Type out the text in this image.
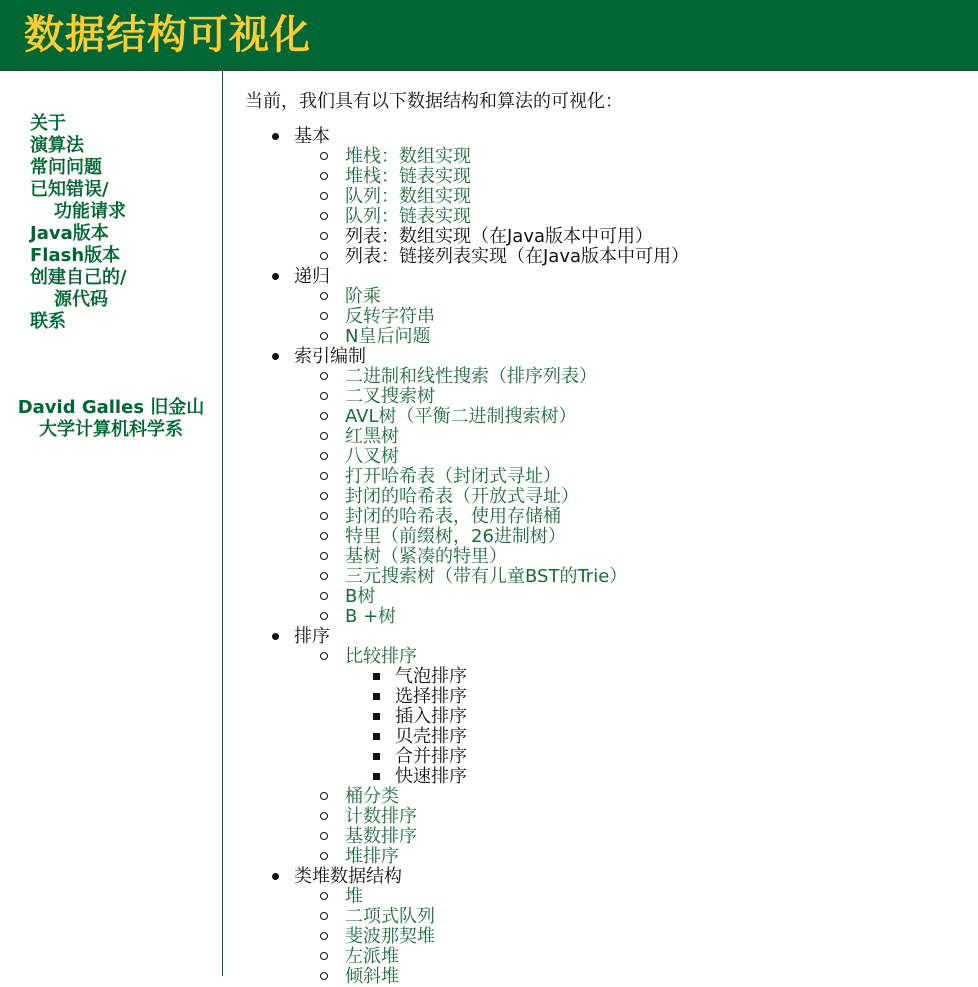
数据结构可视化
关于
演算法
常问问题
已知错误/
功能请求
Java版本
Flash版本
创建自己的/
源代码
联系
David Galles 旧金山大学计算机科学系

当前，我们具有以下数据结构和算法的可视化：

基本
堆栈：数组实现
堆栈：链表实现
队列：数组实现
队列：链表实现
列表：数组实现（在Java版本中可用）
列表：链接列表实现（在Java版本中可用）
递归
阶乘
反转字符串
N皇后问题
索引编制
二进制和线性搜索（排序列表）
二叉搜索树
AVL树（平衡二进制搜索树）
红黑树
八叉树
打开哈希表（封闭式寻址）
封闭的哈希表（开放式寻址）
封闭的哈希表，使用存储桶
特里（前缀树，26进制树）
基树（紧凑的特里）
三元搜索树（带有儿童BST的Trie）
B树
B +树
排序
比较排序
气泡排序
选择排序
插入排序
贝壳排序
合并排序
快速排序
桶分类
计数排序
基数排序
堆排序
类堆数据结构
堆
二项式队列
斐波那契堆
左派堆
倾斜堆
